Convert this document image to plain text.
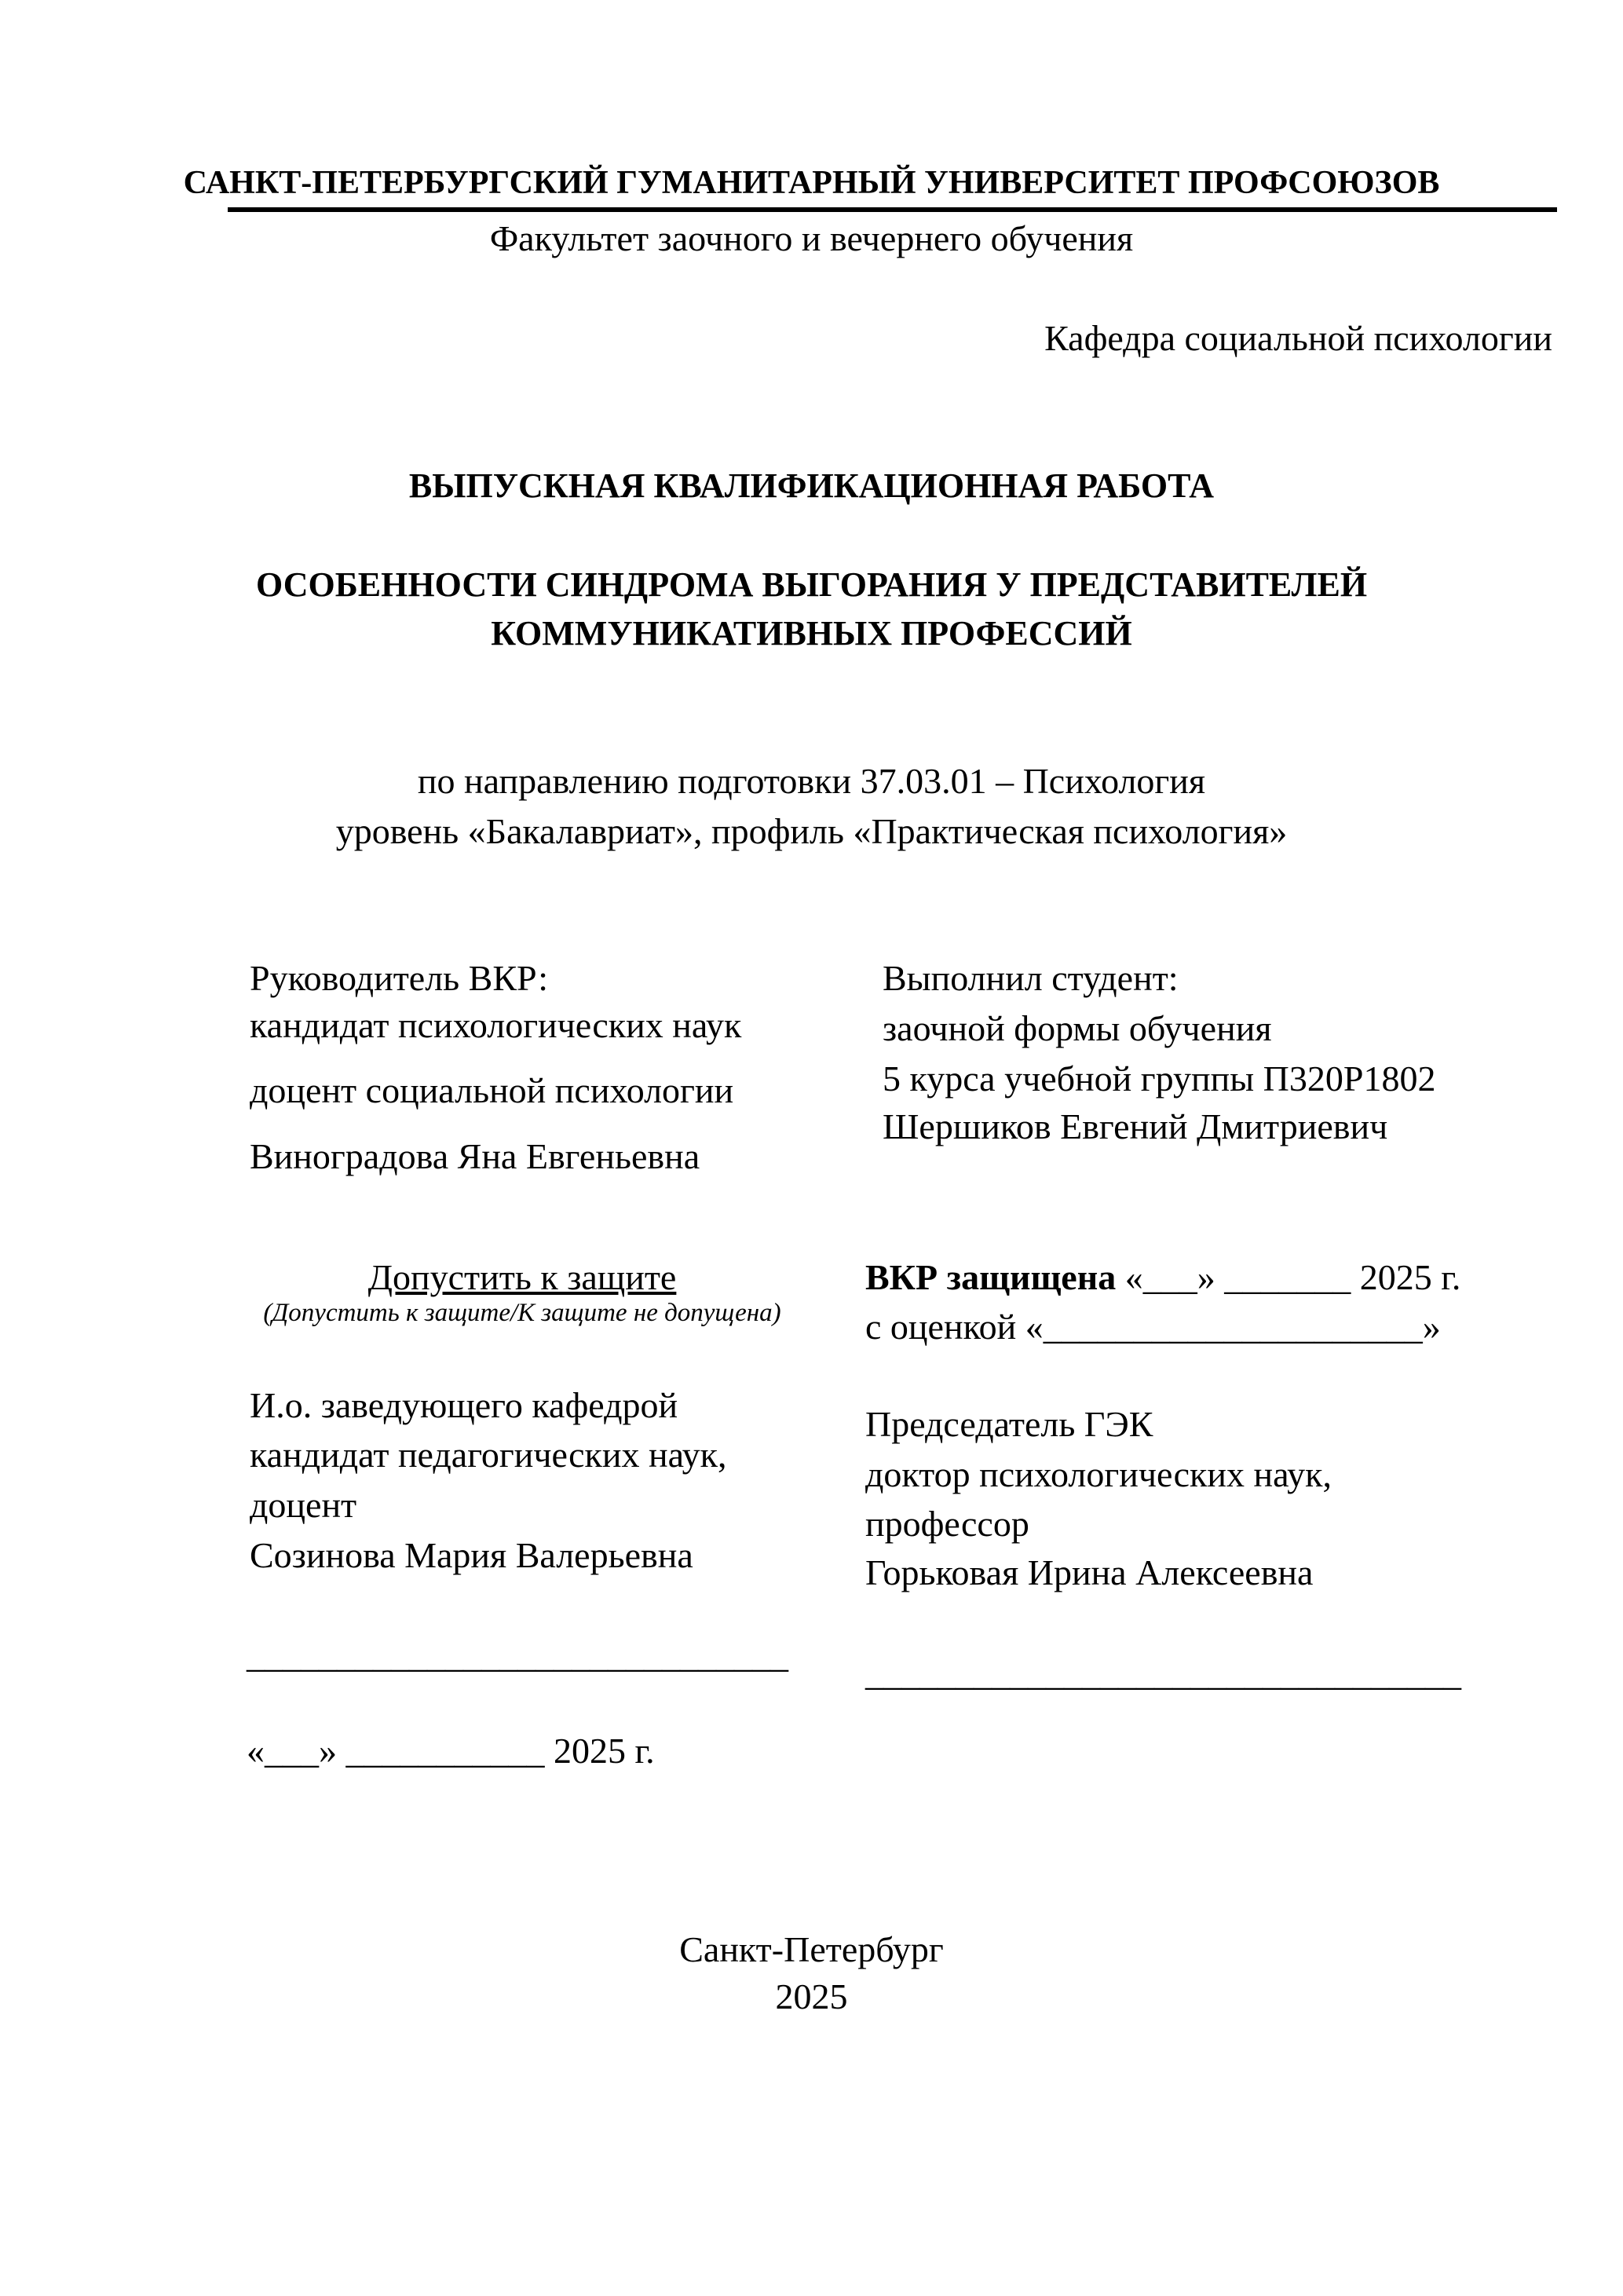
САНКТ-ПЕТЕРБУРГСКИЙ ГУМАНИТАРНЫЙ УНИВЕРСИТЕТ ПРОФСОЮЗОВ
Факультет заочного и вечернего обучения
Кафедра социальной психологии
ВЫПУСКНАЯ КВАЛИФИКАЦИОННАЯ РАБОТА
ОСОБЕННОСТИ СИНДРОМА ВЫГОРАНИЯ У ПРЕДСТАВИТЕЛЕЙ
КОММУНИКАТИВНЫХ ПРОФЕССИЙ
по направлению подготовки 37.03.01 – Психология
уровень «Бакалавриат», профиль «Практическая психология»
Руководитель ВКР:
кандидат психологических наук
доцент социальной психологии
Виноградова Яна Евгеньевна
Выполнил студент:
заочной формы обучения
5 курса учебной группы П320Р1802
Шершиков Евгений Дмитриевич
Допустить к защите
(Допустить к защите/К защите не допущена)
ВКР защищена «___» _______ 2025 г.
с оценкой «_____________________»
И.о. заведующего кафедрой
кандидат педагогических наук,
доцент
Созинова Мария Валерьевна
Председатель ГЭК
доктор психологических наук,
профессор
Горьковая Ирина Алексеевна
______________________________ _________________________________
«___» ___________ 2025 г.
Санкт-Петербург
2025
